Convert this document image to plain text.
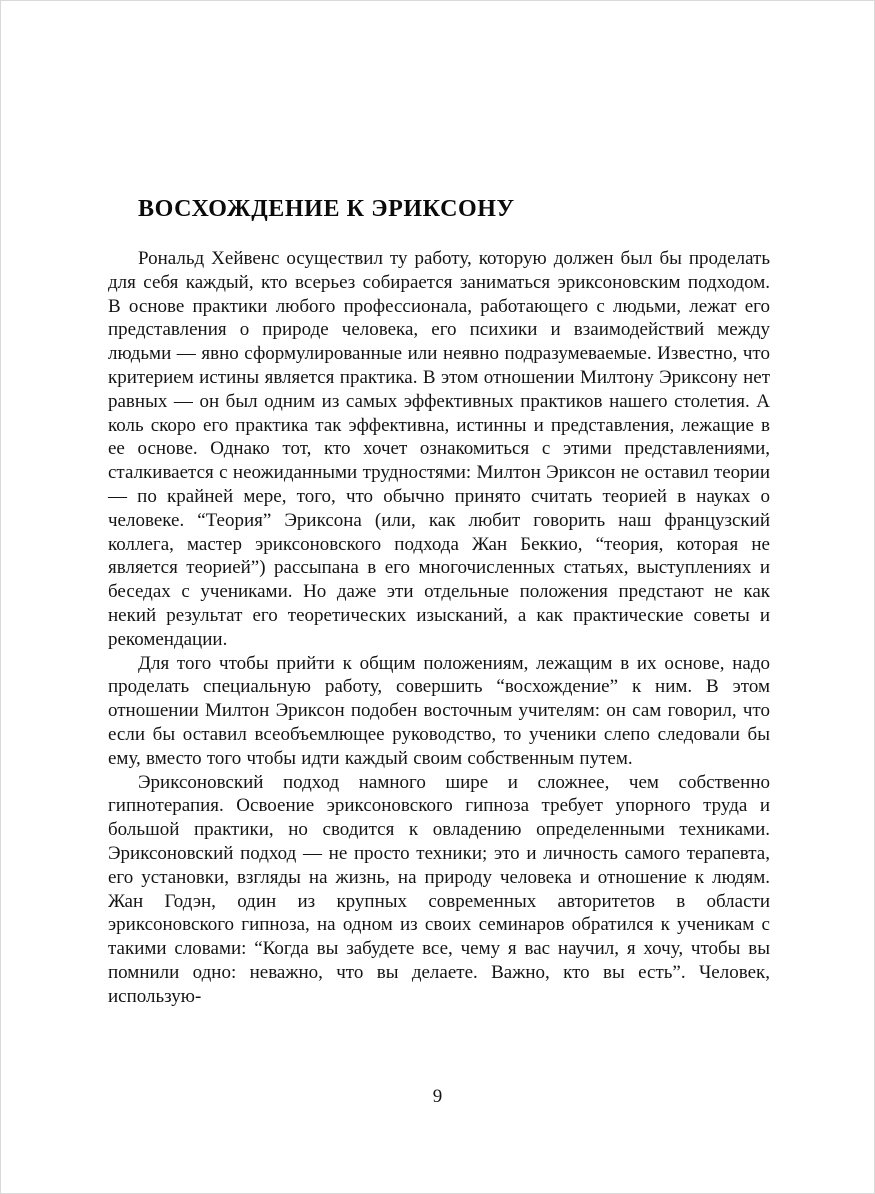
ВОСХОЖДЕНИЕ К ЭРИКСОНУ

Рональд Хейвенс осуществил ту работу, которую должен был бы проделать для себя каждый, кто всерьез собирается заниматься эриксоновским подходом. В основе практики любого профессионала, работающего с людьми, лежат его представления о природе человека, его психики и взаимодействий между людьми — явно сформулированные или неявно подразумеваемые. Известно, что критерием истины является практика. В этом отношении Милтону Эриксону нет равных — он был одним из самых эффективных практиков нашего столетия. А коль скоро его практика так эффективна, истинны и представления, лежащие в ее основе. Однако тот, кто хочет ознакомиться с этими представлениями, сталкивается с неожиданными трудностями: Милтон Эриксон не оставил теории — по крайней мере, того, что обычно принято считать теорией в науках о человеке. “Теория” Эриксона (или, как любит говорить наш французский коллега, мастер эриксоновского подхода Жан Беккио, “теория, которая не является теорией”) рассыпана в его многочисленных статьях, выступлениях и беседах с учениками. Но даже эти отдельные положения предстают не как некий результат его теоретических изысканий, а как практические советы и рекомендации.

Для того чтобы прийти к общим положениям, лежащим в их основе, надо проделать специальную работу, совершить “восхождение” к ним. В этом отношении Милтон Эриксон подобен восточным учителям: он сам говорил, что если бы оставил всеобъемлющее руководство, то ученики слепо следовали бы ему, вместо того чтобы идти каждый своим собственным путем.

Эриксоновский подход намного шире и сложнее, чем собственно гипнотерапия. Освоение эриксоновского гипноза требует упорного труда и большой практики, но сводится к овладению определенными техниками. Эриксоновский подход — не просто техники; это и личность самого терапевта, его установки, взгляды на жизнь, на природу человека и отношение к людям. Жан Годэн, один из крупных современных авторитетов в области эриксоновского гипноза, на одном из своих семинаров обратился к ученикам с такими словами: “Когда вы забудете все, чему я вас научил, я хочу, чтобы вы помнили одно: неважно, что вы делаете. Важно, кто вы есть”. Человек, использую-

9
